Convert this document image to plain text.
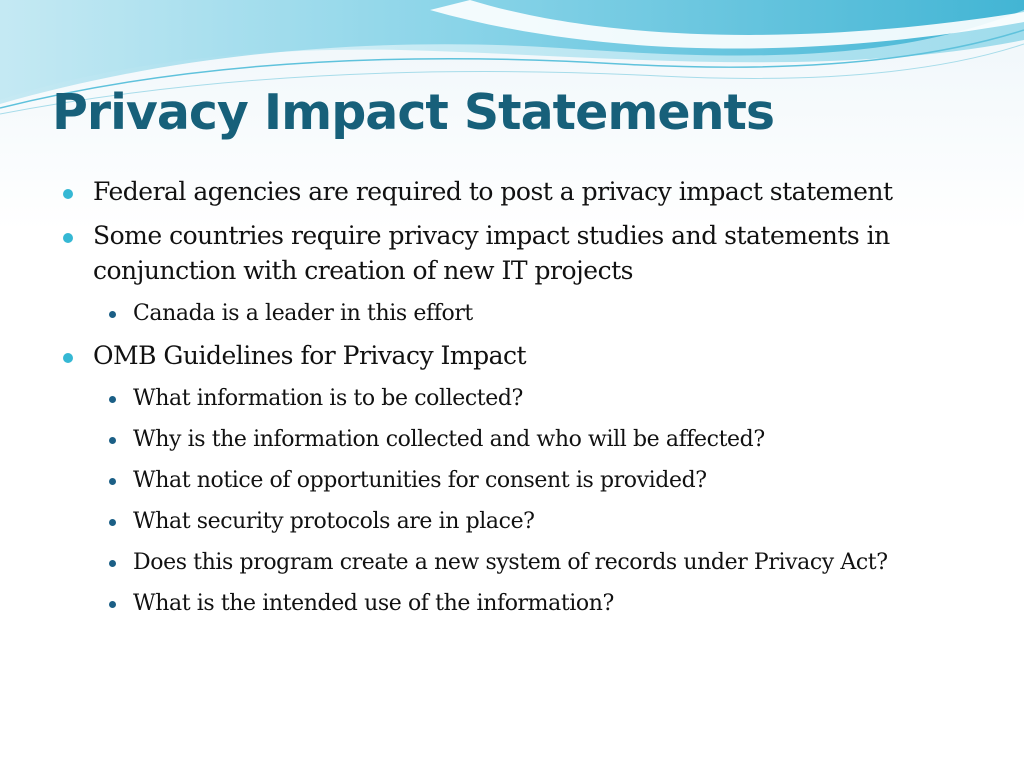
Privacy Impact Statements

Federal agencies are required to post a privacy impact statement

Some countries require privacy impact studies and statements in conjunction with creation of new IT projects

Canada is a leader in this effort

OMB Guidelines for Privacy Impact

What information is to be collected?

Why is the information collected and who will be affected?

What notice of opportunities for consent is provided?

What security protocols are in place?

Does this program create a new system of records under Privacy Act?

What is the intended use of the information?
